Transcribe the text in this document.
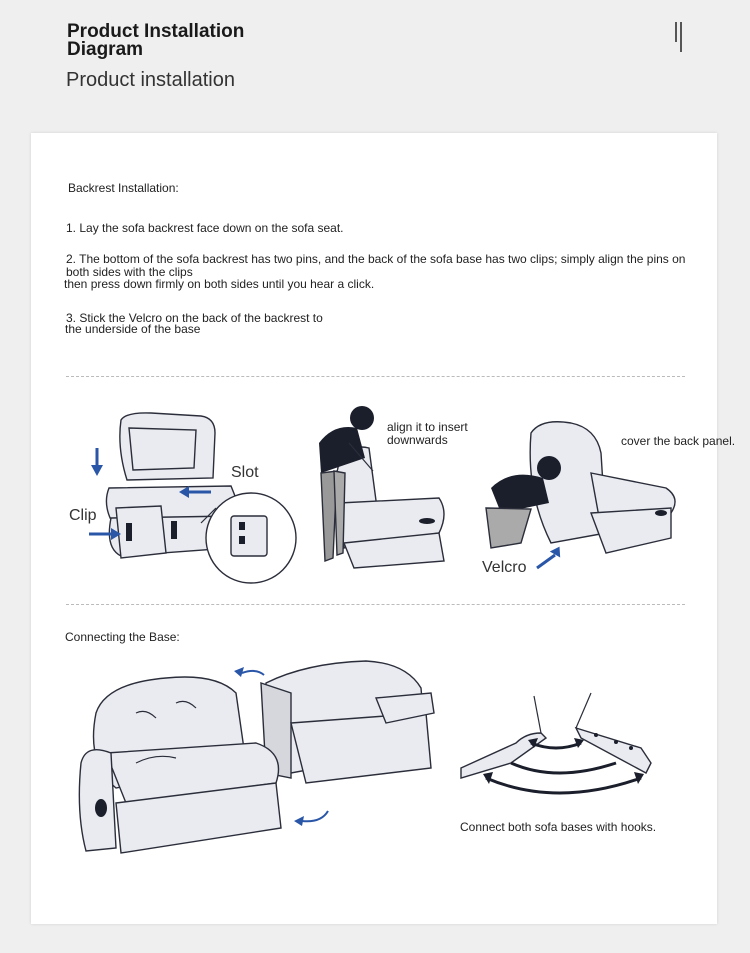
Product Installation Diagram
Product installation
Backrest Installation:
1. Lay the sofa backrest face down on the sofa seat.
2. The bottom of the sofa backrest has two pins, and the back of the sofa base has two clips; simply align the pins on
both sides with the clips
then press down firmly on both sides until you hear a click.
3. Stick the Velcro on the back of the backrest to
the underside of the base
Slot
Clip
align it to insert
downwards	cover the back panel.
Velcro
Connecting the Base:
Connect both sofa bases with hooks.
